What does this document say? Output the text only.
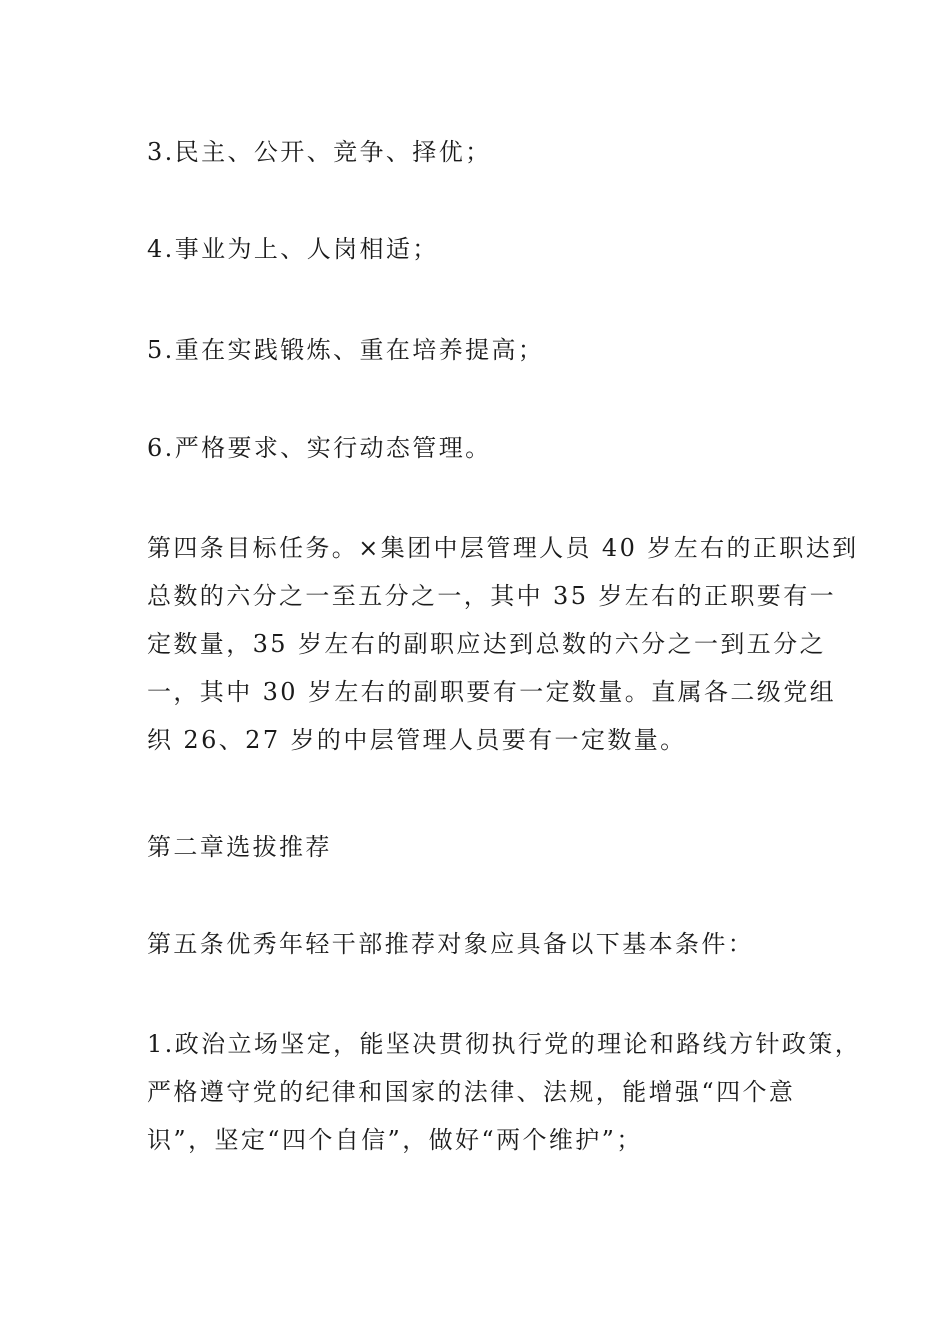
3.民主、公开、竞争、择优；

4.事业为上、人岗相适；

5.重在实践锻炼、重在培养提高；

6.严格要求、实行动态管理。

第四条目标任务。×集团中层管理人员 40 岁左右的正职达到
总数的六分之一至五分之一，其中 35 岁左右的正职要有一
定数量，35 岁左右的副职应达到总数的六分之一到五分之
一，其中 30 岁左右的副职要有一定数量。直属各二级党组
织 26、27 岁的中层管理人员要有一定数量。

第二章选拔推荐

第五条优秀年轻干部推荐对象应具备以下基本条件：

1.政治立场坚定，能坚决贯彻执行党的理论和路线方针政策，
严格遵守党的纪律和国家的法律、法规，能增强“四个意
识”，坚定“四个自信”，做好“两个维护”；
